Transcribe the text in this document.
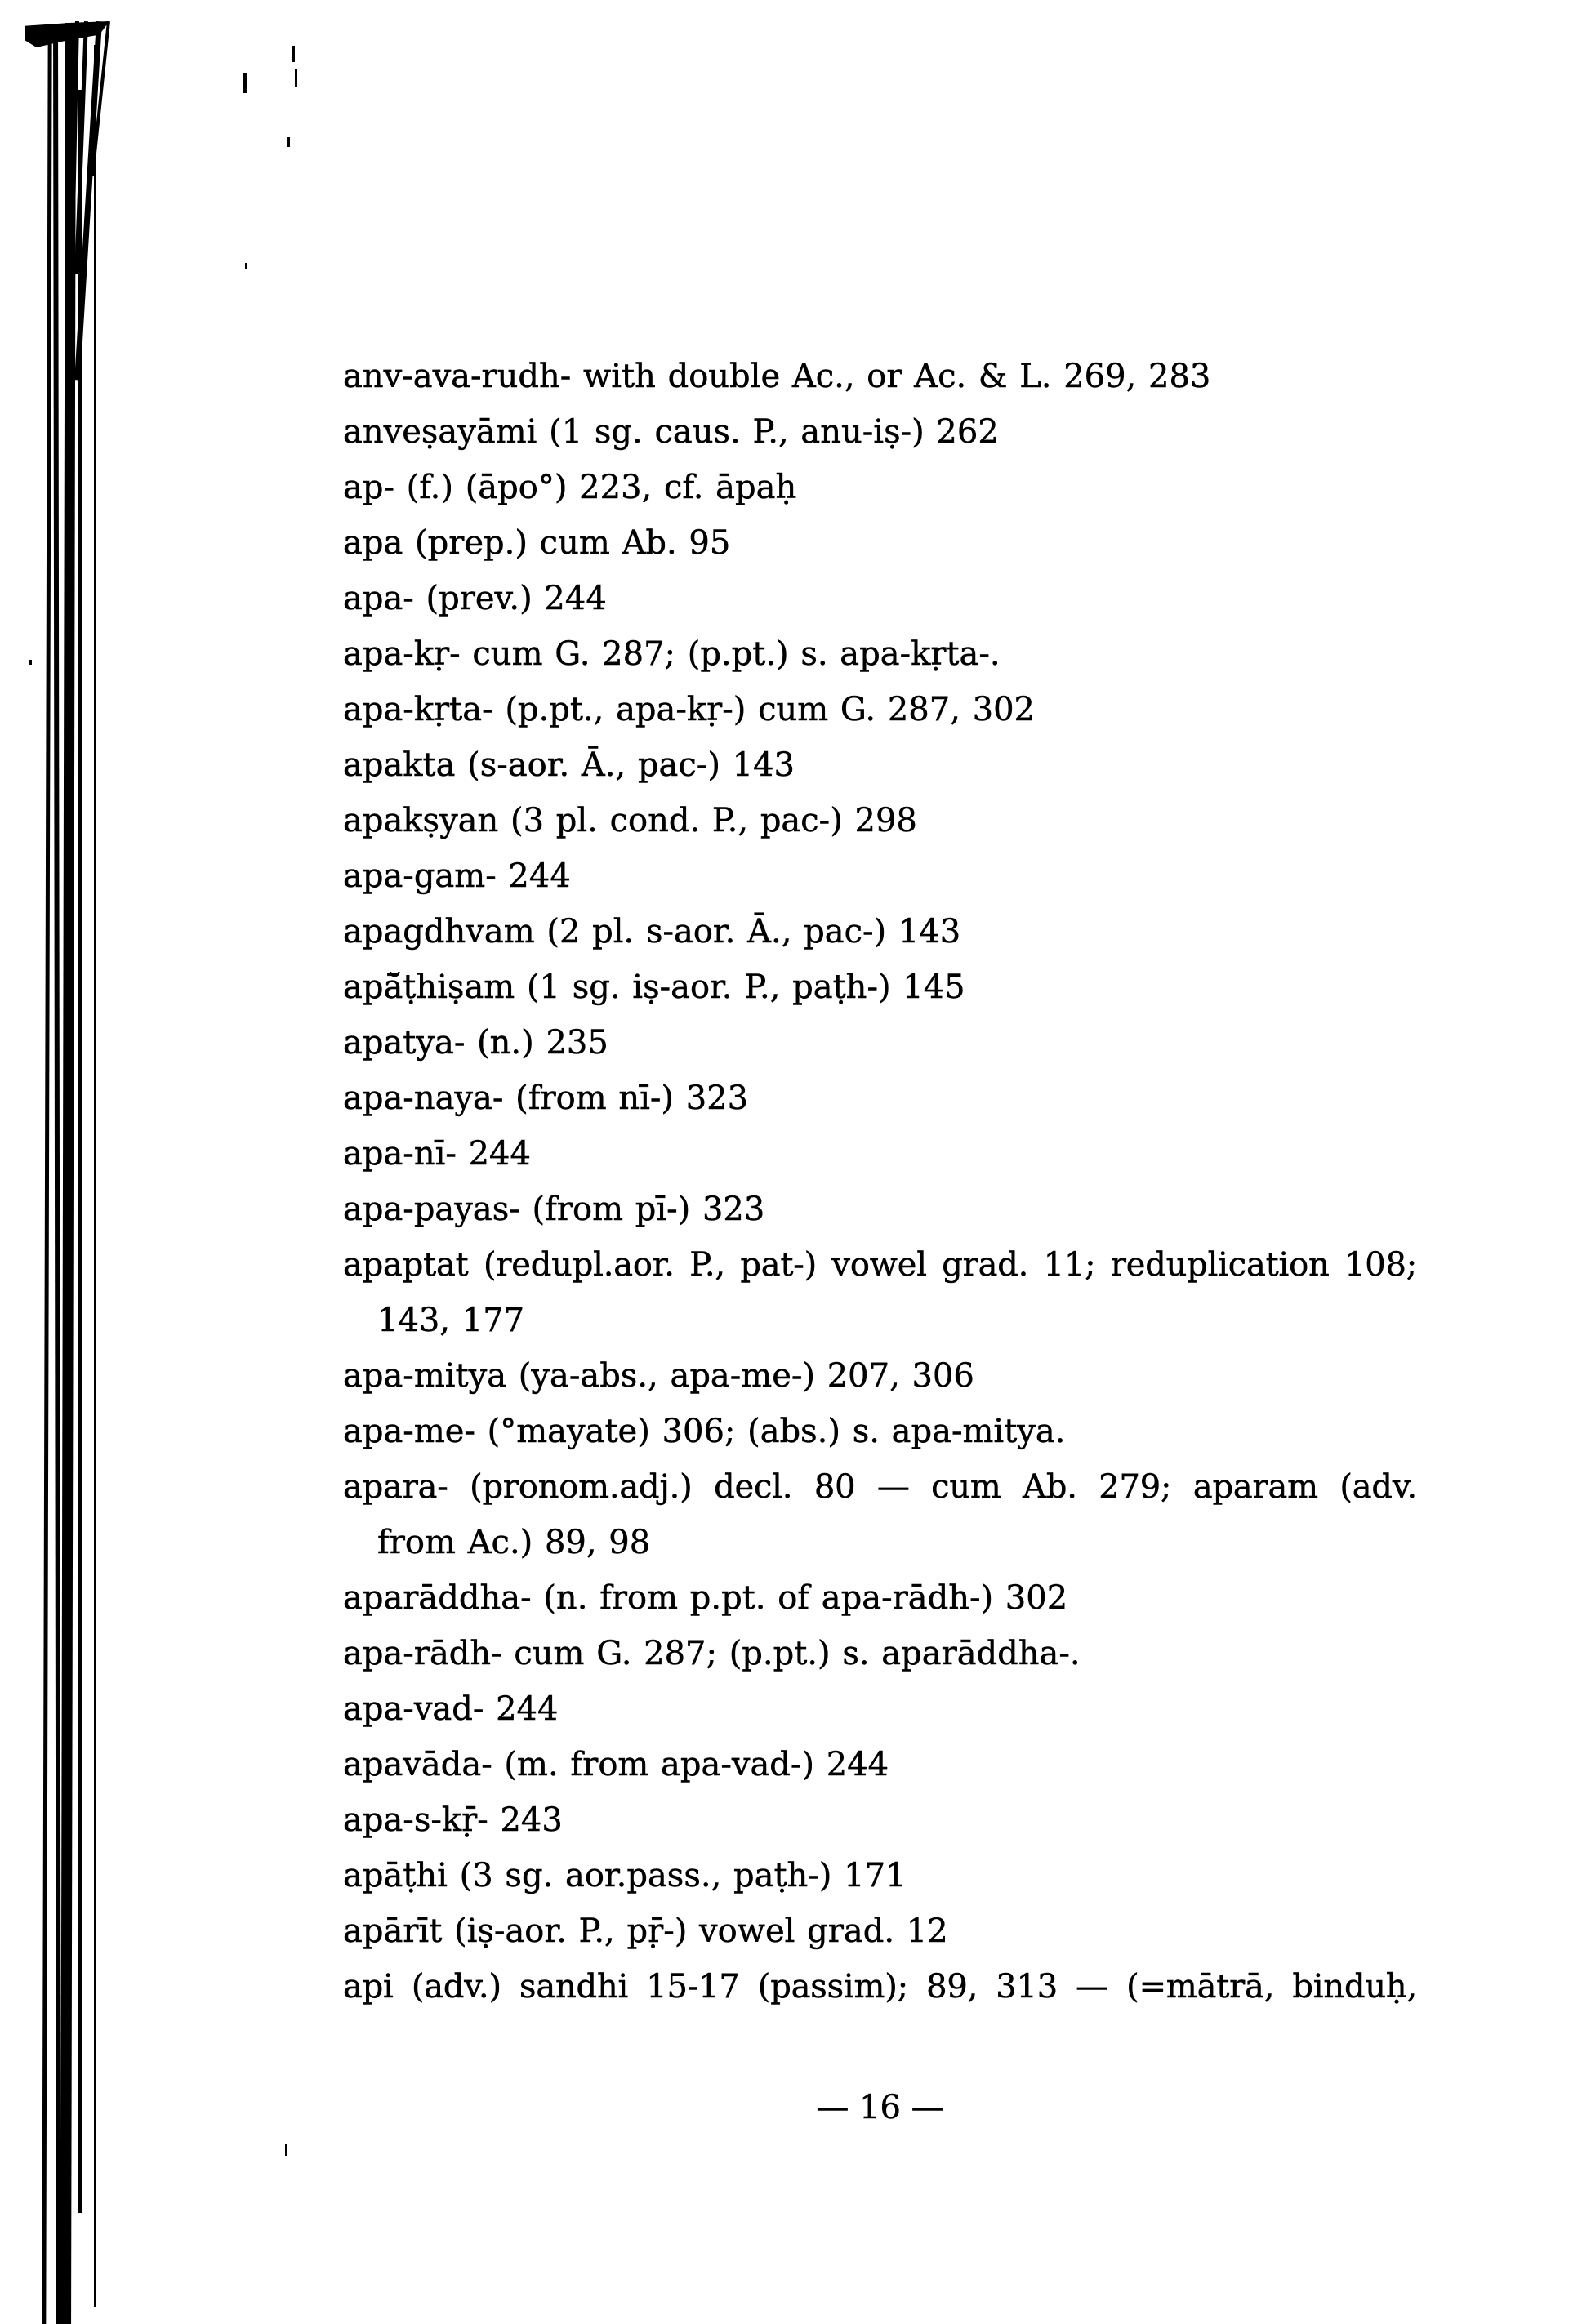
anv-ava-rudh- with double Ac., or Ac. & L. 269, 283
anveṣayāmi (1 sg. caus. P., anu-iṣ-) 262
ap- (f.) (āpo°) 223, cf. āpaḥ
apa (prep.) cum Ab. 95
apa- (prev.) 244
apa-kṛ- cum G. 287; (p.pt.) s. apa-kṛta-.
apa-kṛta- (p.pt., apa-kṛ-) cum G. 287, 302
apakta (s-aor. Ā., pac-) 143
apakṣyan (3 pl. cond. P., pac-) 298
apa-gam- 244
apagdhvam (2 pl. s-aor. Ā., pac-) 143
apā̆ṭhiṣam (1 sg. iṣ-aor. P., paṭh-) 145
apatya- (n.) 235
apa-naya- (from nī-) 323
apa-nī- 244
apa-payas- (from pī-) 323
apaptat (redupl.aor. P., pat-) vowel grad. 11; reduplication 108;
143, 177
apa-mitya (ya-abs., apa-me-) 207, 306
apa-me- (°mayate) 306; (abs.) s. apa-mitya.
apara- (pronom.adj.) decl. 80 — cum Ab. 279; aparam (adv.
from Ac.) 89, 98
aparāddha- (n. from p.pt. of apa-rādh-) 302
apa-rādh- cum G. 287; (p.pt.) s. aparāddha-.
apa-vad- 244
apavāda- (m. from apa-vad-) 244
apa-s-kṝ- 243
apāṭhi (3 sg. aor.pass., paṭh-) 171
apārīt (iṣ-aor. P., pṝ-) vowel grad. 12
api (adv.) sandhi 15-17 (passim); 89, 313 — (=mātrā, binduḥ,
— 16 —
